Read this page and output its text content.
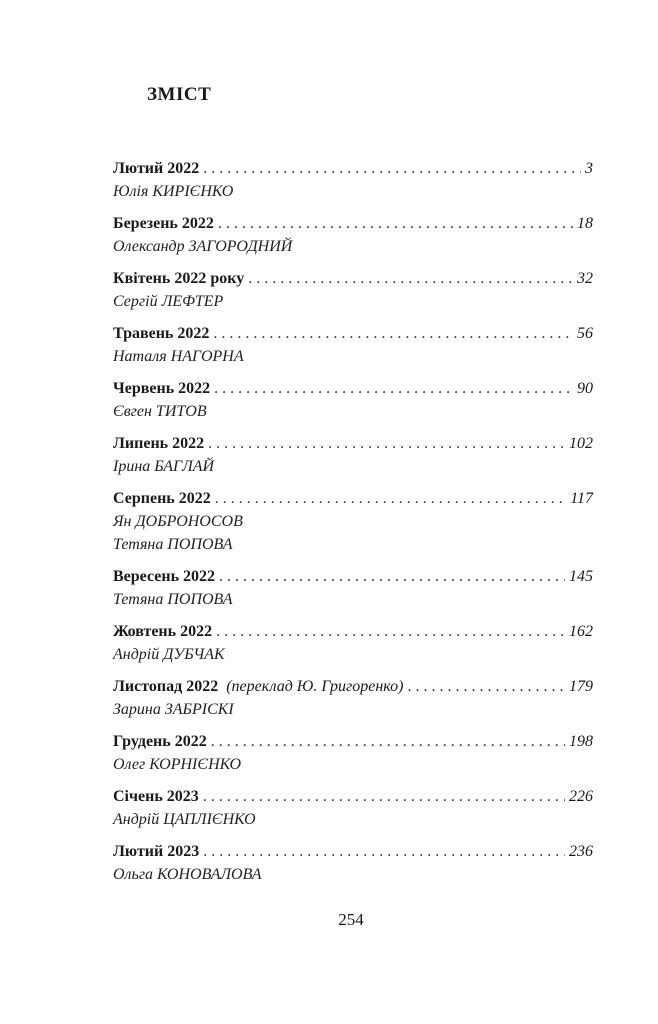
ЗМІСТ
Лютий 2022 . . .	3
Юлія КИРІЄНКО
Березень 2022 . . .	18
Олександр ЗАГОРОДНИЙ
Квітень 2022 року . . .	32
Сергій ЛЕФТЕР
Травень 2022 . . .	56
Наталя НАГОРНА
Червень 2022 . . .	90
Євген ТИТОВ
Липень 2022 . . .	102
Ірина БАГЛАЙ
Серпень 2022 . . .	117
Ян ДОБРОНОСОВ
Тетяна ПОПОВА
Вересень 2022 . . .	145
Тетяна ПОПОВА
Жовтень 2022 . . .	162
Андрій ДУБЧАК
Листопад 2022 (переклад Ю. Григоренко) . . .	179
Зарина ЗАБРІСКІ
Грудень 2022 . . .	198
Олег КОРНІЄНКО
Січень 2023 . . .	226
Андрій ЦАПЛІЄНКО
Лютий 2023 . . .	236
Ольга КОНОВАЛОВА
254
